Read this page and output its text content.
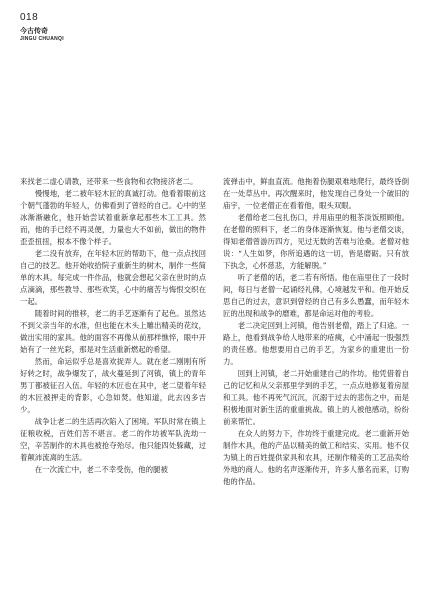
018
今古传奇
JINGU CHUANQI

来找老二虚心请教，还带来一些食物和衣物接济老二。

慢慢地，老二被年轻木匠的真诚打动。他看着眼前这个朝气蓬勃的年轻人，仿佛看到了曾经的自己。心中的坚冰渐渐融化，他开始尝试着重新拿起那些木工工具。然而，他的手已经不再灵便，力量也大不如前，做出的物件歪歪扭扭，根本不像个样子。

老二没有放弃，在年轻木匠的帮助下，他一点点找回自己的技艺。他开始收拾院子重新生的树木，制作一些简单的木具。每完成一件作品，他就会想起父亲在世时的点点滴滴，那些教导、那些欢笑，心中的痛苦与悔恨交织在一起。

随着时间的推移，老二的手艺逐渐有了起色。虽然达不到父亲当年的水准，但也能在木头上雕出精美的花纹，做出实用的家具。他的面容不再像从前那样憔悴，眼中开始有了一丝光彩，那是对生活重新燃起的希望。

然而，命运似乎总是喜欢捉弄人。就在老二刚刚有所好转之时，战争爆发了，战火蔓延到了河镇，镇上的青年男丁都被征召入伍。年轻的木匠也在其中，老二望着年轻的木匠被押走的背影，心急如焚。他知道，此去凶多吉少。

战争让老二的生活再次陷入了困境。军队时常在镇上征粮收税，百姓们苦不堪言。老二的作坊被军队洗劫一空，辛苦制作的木具也被抢夺殆尽。他只能四处躲藏，过着颠沛流离的生活。

在一次流亡中，老二不幸受伤，他的腿被

流弹击中，鲜血直流。他拖着伤腿艰难地爬行，最终昏倒在一处草丛中。再次醒来时，他发现自己身处一个破旧的庙宇，一位老僧正在看着他，眼头双眼。

老僧给老二包扎伤口，并用庙里的粗茶淡饭照顾他。在老僧的照料下，老二的身体逐渐恢复。他与老僧交谈，得知老僧曾游历四方，见过无数的苦难与沧桑。老僧对他说：“人生如梦，你所追遇的这一切，皆是磨砺。只有放下执念，心怀慈悲，方能解脱。”

听了老僧的话，老二若有所悟。他在庙里住了一段时间，每日与老僧一起诵经礼佛，心境越发平和。他开始反思自己的过去，意识到曾经的自己有多么愚蠢，而年轻木匠的出现和战争的磨难，都是命运对他的考验。

老二决定回到上河镇，他告别老僧，踏上了归途。一路上，他看到战争给人地带来的疮痍，心中涌起一股强烈的责任感。他想要用自己的手艺，为家乡的重建出一份力。

回到上河镇，老二开始重建自己的作坊。他凭借着自己的记忆和从父亲那里学到的手艺，一点点地修复着房屋和工具。他不再死气沉沉，沉溺于过去的悲伤之中，而是积极地面对新生活的重重挑战。镇上的人被他感动，纷纷前来帮忙。

在众人的努力下，作坊终于重建完成。老二重新开始制作木具，他的产品以精美的做工和结实、实用。他不仅为镇上的百姓提供家具和农具，还制作精美的工艺品卖给外地的商人。他的名声逐渐传开，许多人慕名而来，订购他的作品。
